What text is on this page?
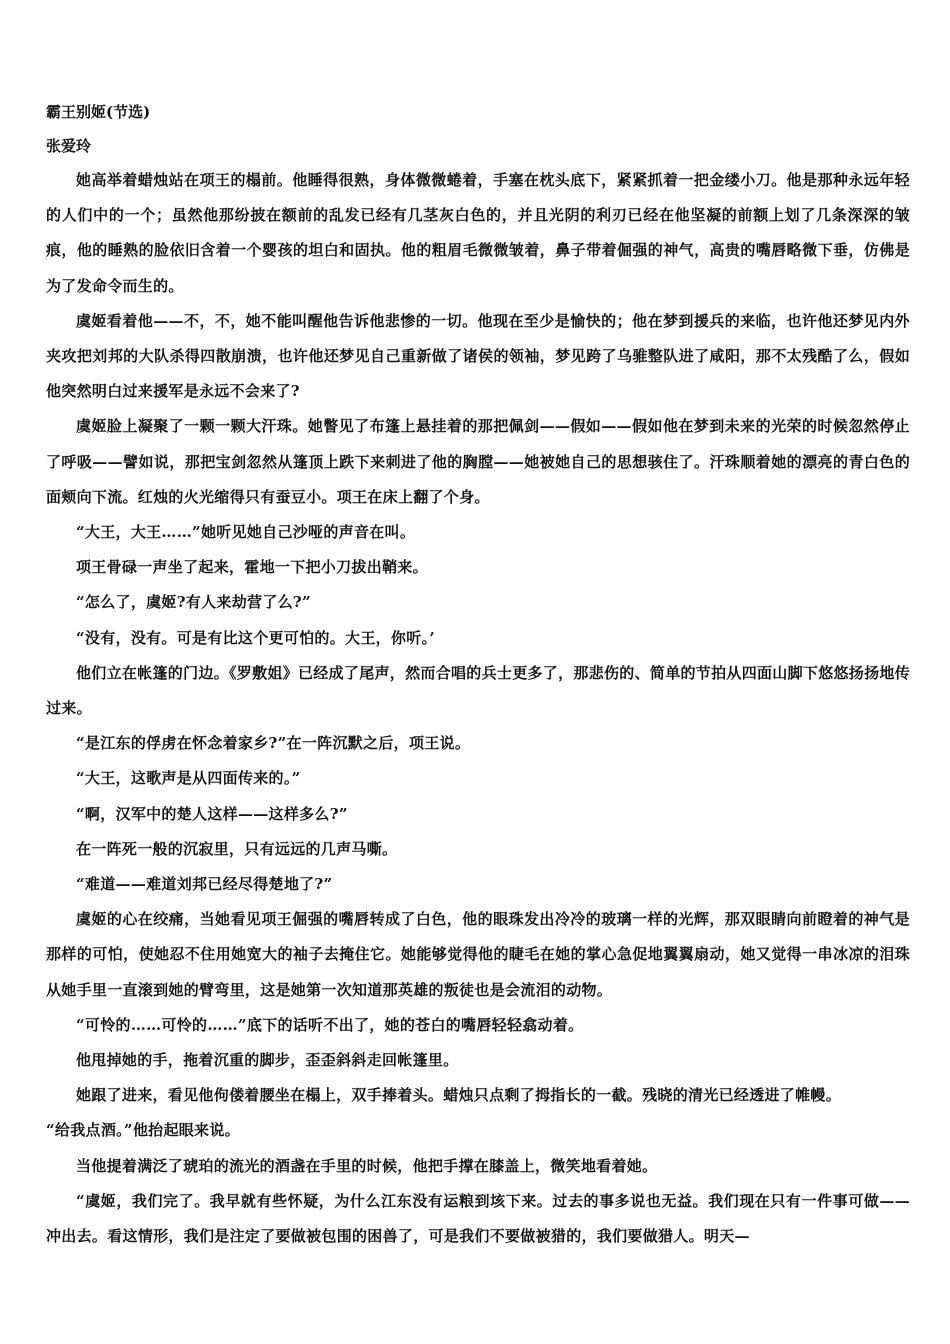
霸王别姬(节选)
张爱玲

她高举着蜡烛站在项王的榻前。他睡得很熟，身体微微蜷着，手塞在枕头底下，紧紧抓着一把金缕小刀。他是那种永远年轻的人们中的一个；虽然他那纷披在额前的乱发已经有几茎灰白色的，并且光阴的利刃已经在他坚凝的前额上划了几条深深的皱痕，他的睡熟的脸依旧含着一个婴孩的坦白和固执。他的粗眉毛微微皱着，鼻子带着倔强的神气，高贵的嘴唇略微下垂，仿佛是为了发命令而生的。

虞姬看着他——不，不，她不能叫醒他告诉他悲惨的一切。他现在至少是愉快的；他在梦到援兵的来临，也许他还梦见内外夹攻把刘邦的大队杀得四散崩溃，也许他还梦见自己重新做了诸侯的领袖，梦见跨了乌骓整队进了咸阳，那不太残酷了么，假如他突然明白过来援军是永远不会来了?

虞姬脸上凝聚了一颗一颗大汗珠。她瞥见了布篷上悬挂着的那把佩剑——假如——假如他在梦到未来的光荣的时候忽然停止了呼吸——譬如说，那把宝剑忽然从篷顶上跌下来刺进了他的胸膛——她被她自己的思想骇住了。汗珠顺着她的漂亮的青白色的面颊向下流。红烛的火光缩得只有蚕豆小。项王在床上翻了个身。

“大王，大王……”她听见她自己沙哑的声音在叫。

项王骨碌一声坐了起来，霍地一下把小刀拔出鞘来。

“怎么了，虞姬?有人来劫营了么?”

“没有，没有。可是有比这个更可怕的。大王，你听。’

他们立在帐篷的门边。《罗敷姐》已经成了尾声，然而合唱的兵士更多了，那悲伤的、简单的节拍从四面山脚下悠悠扬扬地传过来。

“是江东的俘虏在怀念着家乡?”在一阵沉默之后，项王说。

“大王，这歌声是从四面传来的。”

“啊，汉军中的楚人这样——这样多么?”

在一阵死一般的沉寂里，只有远远的几声马嘶。

“难道——难道刘邦已经尽得楚地了?”

虞姬的心在绞痛，当她看见项王倔强的嘴唇转成了白色，他的眼珠发出冷冷的玻璃一样的光辉，那双眼睛向前瞪着的神气是那样的可怕，使她忍不住用她宽大的袖子去掩住它。她能够觉得他的睫毛在她的掌心急促地翼翼扇动，她又觉得一串冰凉的泪珠从她手里一直滚到她的臂弯里，这是她第一次知道那英雄的叛徒也是会流泪的动物。

“可怜的……可怜的……”底下的话听不出了，她的苍白的嘴唇轻轻翕动着。

他甩掉她的手，拖着沉重的脚步，歪歪斜斜走回帐篷里。

她跟了进来，看见他佝偻着腰坐在榻上，双手捧着头。蜡烛只点剩了拇指长的一截。残晓的清光已经透进了帷幔。

“给我点酒。”他抬起眼来说。

当他提着满泛了琥珀的流光的酒盏在手里的时候，他把手撑在膝盖上，微笑地看着她。

“虞姬，我们完了。我早就有些怀疑，为什么江东没有运粮到垓下来。过去的事多说也无益。我们现在只有一件事可做——冲出去。看这情形，我们是注定了要做被包围的困兽了，可是我们不要做被猎的，我们要做猎人。明天—
